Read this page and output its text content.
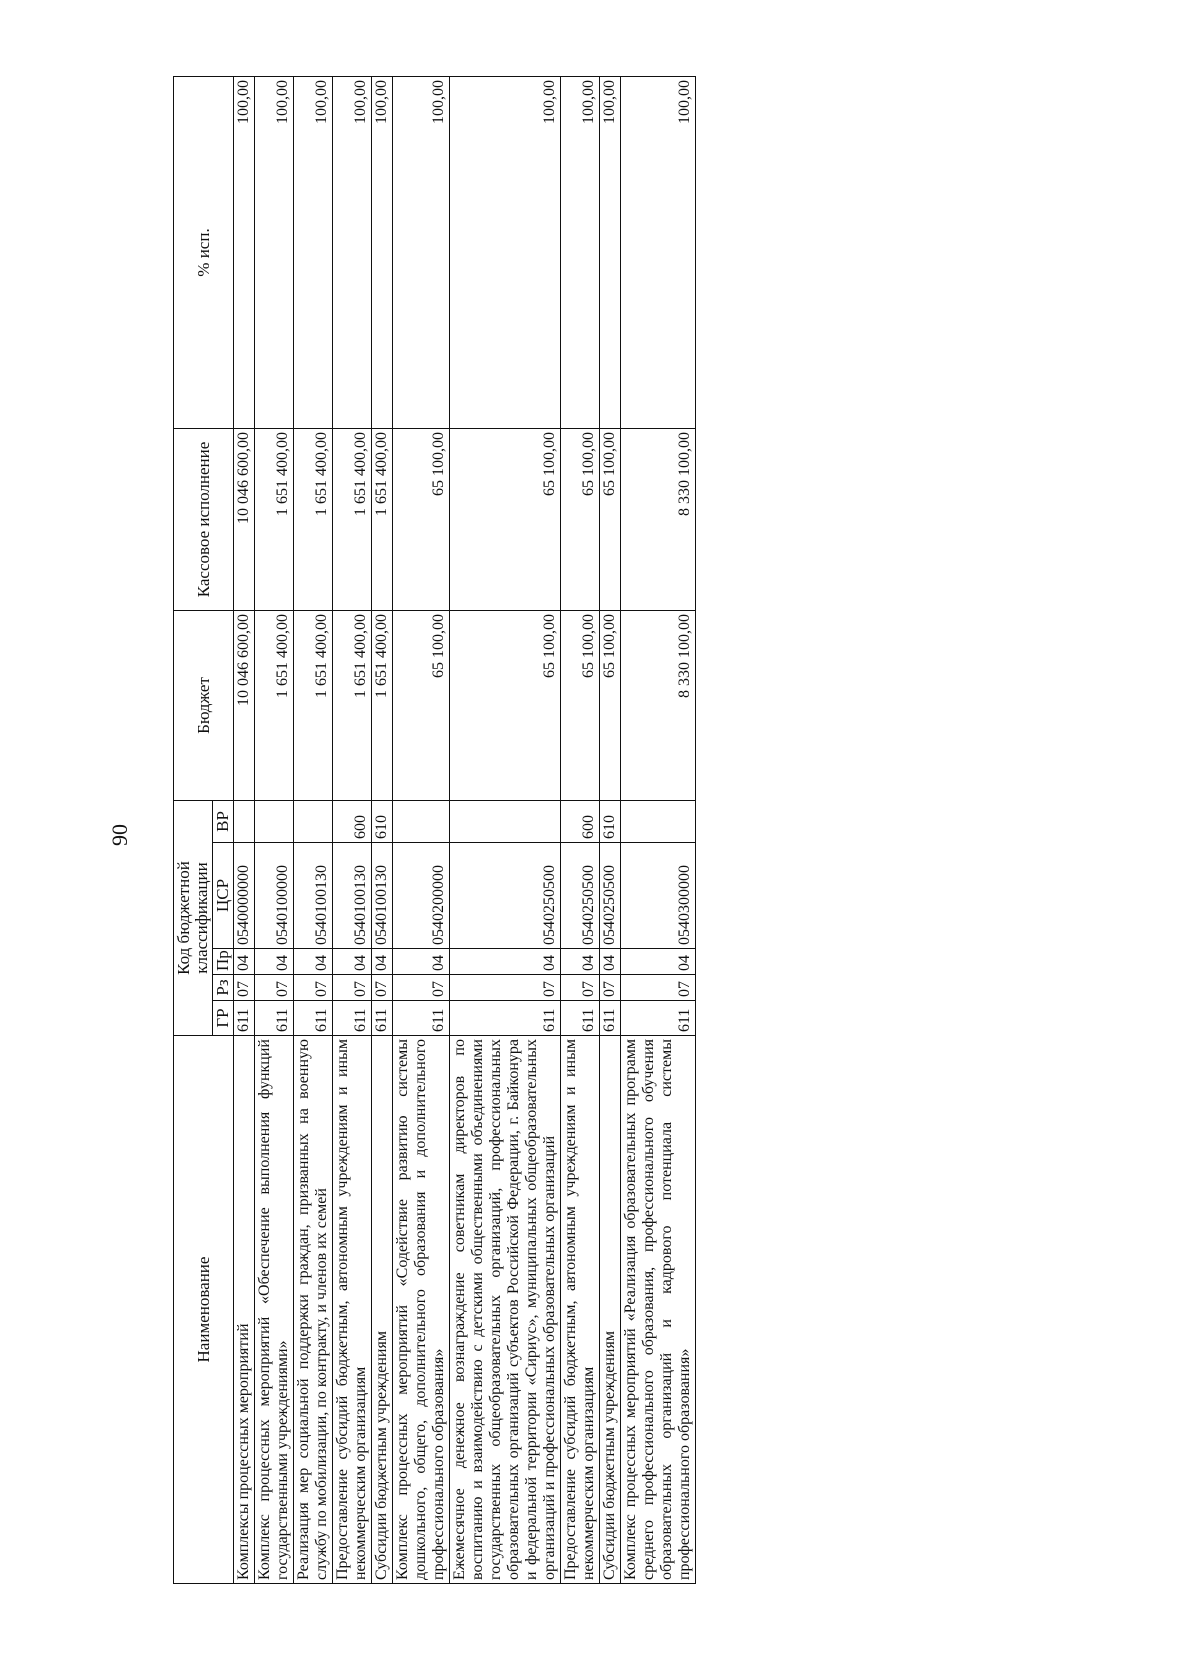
90
Наименование	Код бюджетной классификации					Бюджет	Кассовое исполнение	% исп.
	ГР	Рз	Пр	ЦСР	ВР			
Комплексы процессных мероприятий	611	07	04	0540000000		10 046 600,00	10 046 600,00	100,00
Комплекс процессных мероприятий «Обеспечение выполнения функций государственными учреждениями»	611	07	04	0540100000		1 651 400,00	1 651 400,00	100,00
Реализация мер социальной поддержки граждан, призванных на военную службу по мобилизации, по контракту, и членов их семей	611	07	04	0540100130		1 651 400,00	1 651 400,00	100,00
Предоставление субсидий бюджетным, автономным учреждениям и иным некоммерческим организациям	611	07	04	0540100130	600	1 651 400,00	1 651 400,00	100,00
Субсидии бюджетным учреждениям	611	07	04	0540100130	610	1 651 400,00	1 651 400,00	100,00
Комплекс процессных мероприятий «Содействие развитию системы дошкольного, общего, дополнительного образования и дополнительного профессионального образования»	611	07	04	0540200000		65 100,00	65 100,00	100,00
Ежемесячное денежное вознаграждение советникам директоров по воспитанию и взаимодействию с детскими общественными объединениями государственных общеобразовательных организаций, профессиональных образовательных организаций субъектов Российской Федерации, г. Байконура и федеральной территории «Сириус», муниципальных общеобразовательных организаций и профессиональных образовательных организаций	611	07	04	0540250500		65 100,00	65 100,00	100,00
Предоставление субсидий бюджетным, автономным учреждениям и иным некоммерческим организациям	611	07	04	0540250500	600	65 100,00	65 100,00	100,00
Субсидии бюджетным учреждениям	611	07	04	0540250500	610	65 100,00	65 100,00	100,00
Комплекс процессных мероприятий «Реализация образовательных программ среднего профессионального образования, профессионального обучения образовательных организаций и кадрового потенциала системы профессионального образования»	611	07	04	0540300000		8 330 100,00	8 330 100,00	100,00
